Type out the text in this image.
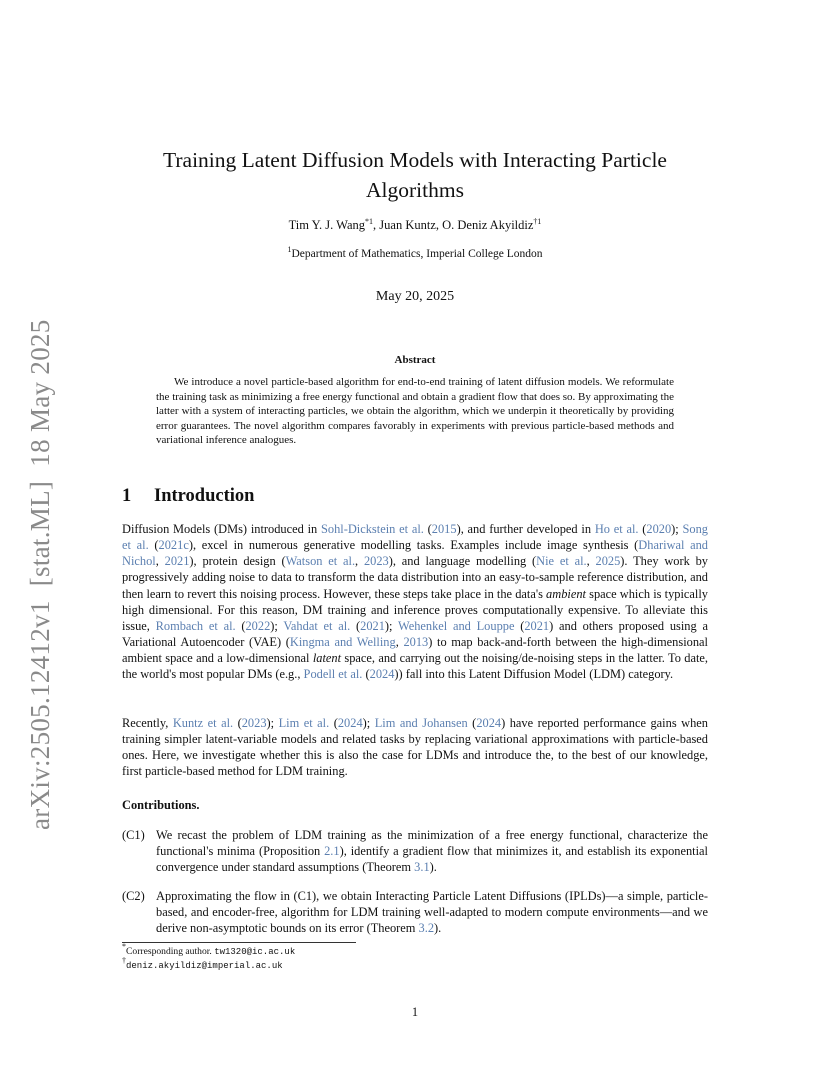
arXiv:2505.12412v1  [stat.ML]  18 May 2025
Training Latent Diffusion Models with Interacting Particle Algorithms
Tim Y. J. Wang$^{*1}$, Juan Kuntz, O. Deniz Akyildiz$^{\dagger 1}$
$^1$Department of Mathematics, Imperial College London
May 20, 2025
Abstract
We introduce a novel particle-based algorithm for end-to-end training of latent diffusion models. We reformulate the training task as minimizing a free energy functional and obtain a gradient flow that does so. By approximating the latter with a system of interacting particles, we obtain the algorithm, which we underpin it theoretically by providing error guarantees. The novel algorithm compares favorably in experiments with previous particle-based methods and variational inference analogues.
1 Introduction
Diffusion Models (DMs) introduced in Sohl-Dickstein et al. (2015), and further developed in Ho et al. (2020); Song et al. (2021c), excel in numerous generative modelling tasks. Examples include image synthesis (Dhariwal and Nichol, 2021), protein design (Watson et al., 2023), and language modelling (Nie et al., 2025). They work by progressively adding noise to data to transform the data distribution into an easy-to-sample reference distribution, and then learn to revert this noising process. However, these steps take place in the data's ambient space which is typically high dimensional. For this reason, DM training and inference proves computationally expensive. To alleviate this issue, Rombach et al. (2022); Vahdat et al. (2021); Wehenkel and Louppe (2021) and others proposed using a Variational Autoencoder (VAE) (Kingma and Welling, 2013) to map back-and-forth between the high-dimensional ambient space and a low-dimensional latent space, and carrying out the noising/de-noising steps in the latter. To date, the world's most popular DMs (e.g., Podell et al. (2024)) fall into this Latent Diffusion Model (LDM) category.
Recently, Kuntz et al. (2023); Lim et al. (2024); Lim and Johansen (2024) have reported performance gains when training simpler latent-variable models and related tasks by replacing variational approximations with particle-based ones. Here, we investigate whether this is also the case for LDMs and introduce the, to the best of our knowledge, first particle-based method for LDM training.
Contributions.
(C1) We recast the problem of LDM training as the minimization of a free energy functional, characterize the functional's minima (Proposition 2.1), identify a gradient flow that minimizes it, and establish its exponential convergence under standard assumptions (Theorem 3.1).
(C2) Approximating the flow in (C1), we obtain Interacting Particle Latent Diffusions (IPLDs)—a simple, particle-based, and encoder-free, algorithm for LDM training well-adapted to modern compute environments—and we derive non-asymptotic bounds on its error (Theorem 3.2).
*Corresponding author. tw1320@ic.ac.uk
†deniz.akyildiz@imperial.ac.uk
1
